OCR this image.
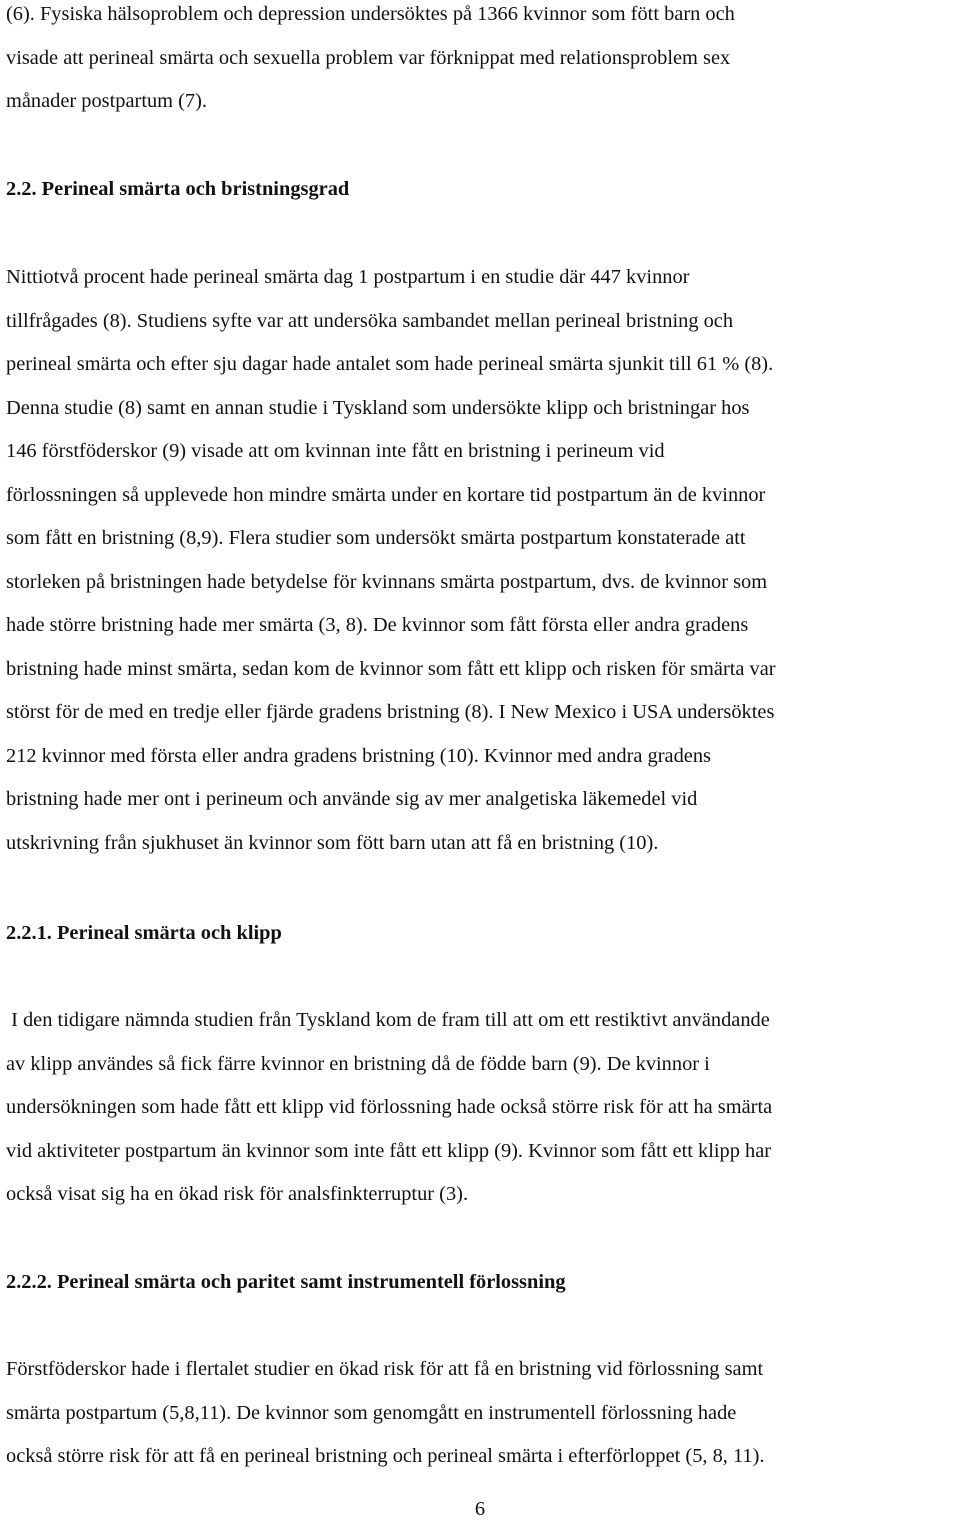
(6). Fysiska hälsoproblem och depression undersöktes på 1366 kvinnor som fött barn och
visade att perineal smärta och sexuella problem var förknippat med relationsproblem sex
månader postpartum (7).
2.2. Perineal smärta och bristningsgrad
Nittiotvå procent hade perineal smärta dag 1 postpartum i en studie där 447 kvinnor
tillfrågades (8). Studiens syfte var att undersöka sambandet mellan perineal bristning och
perineal smärta och efter sju dagar hade antalet som hade perineal smärta sjunkit till 61 % (8).
Denna studie (8) samt en annan studie i Tyskland som undersökte klipp och bristningar hos
146 förstföderskor (9) visade att om kvinnan inte fått en bristning i perineum vid
förlossningen så upplevede hon mindre smärta under en kortare tid postpartum än de kvinnor
som fått en bristning (8,9). Flera studier som undersökt smärta postpartum konstaterade att
storleken på bristningen hade betydelse för kvinnans smärta postpartum, dvs. de kvinnor som
hade större bristning hade mer smärta (3, 8). De kvinnor som fått första eller andra gradens
bristning hade minst smärta, sedan kom de kvinnor som fått ett klipp och risken för smärta var
störst för de med en tredje eller fjärde gradens bristning (8). I New Mexico i USA undersöktes
212 kvinnor med första eller andra gradens bristning (10). Kvinnor med andra gradens
bristning hade mer ont i perineum och använde sig av mer analgetiska läkemedel vid
utskrivning från sjukhuset än kvinnor som fött barn utan att få en bristning (10).
2.2.1. Perineal smärta och klipp
I den tidigare nämnda studien från Tyskland kom de fram till att om ett restiktivt användande
av klipp användes så fick färre kvinnor en bristning då de födde barn (9). De kvinnor i
undersökningen som hade fått ett klipp vid förlossning hade också större risk för att ha smärta
vid aktiviteter postpartum än kvinnor som inte fått ett klipp (9). Kvinnor som fått ett klipp har
också visat sig ha en ökad risk för analsfinkterruptur (3).
2.2.2. Perineal smärta och paritet samt instrumentell förlossning
Förstföderskor hade i flertalet studier en ökad risk för att få en bristning vid förlossning samt
smärta postpartum (5,8,11). De kvinnor som genomgått en instrumentell förlossning hade
också större risk för att få en perineal bristning och perineal smärta i efterförloppet (5, 8, 11).

6
